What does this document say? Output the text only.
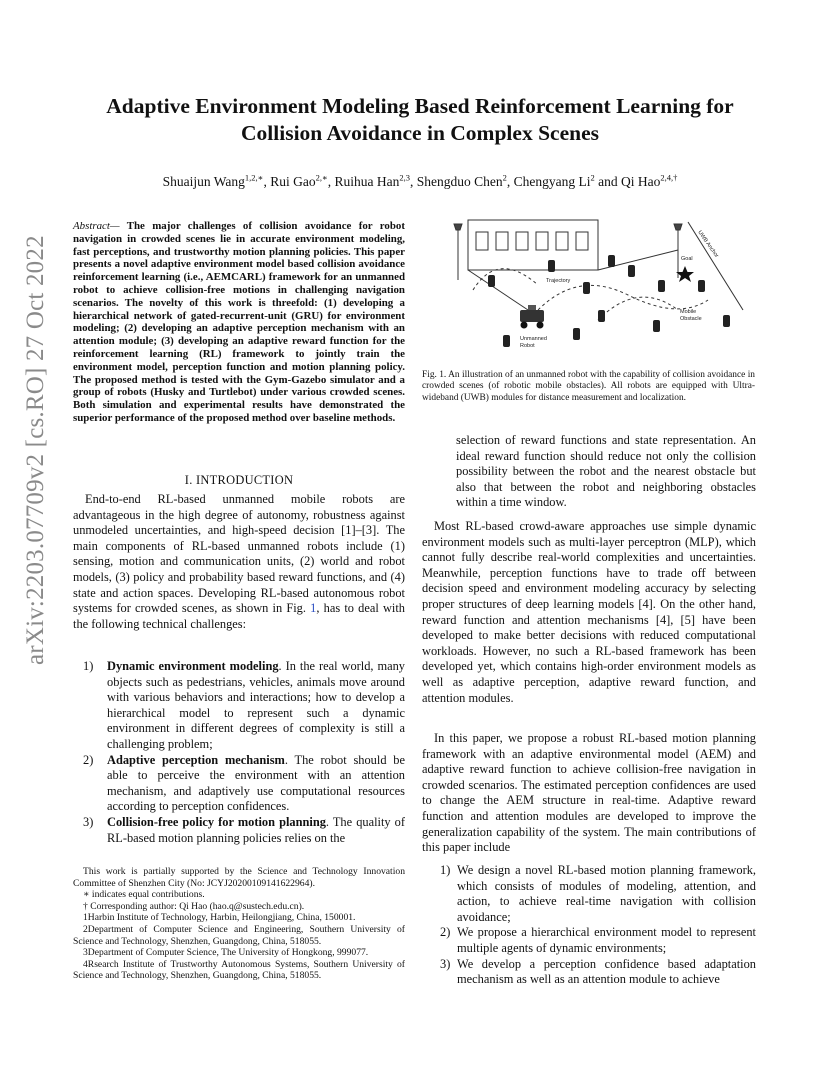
arXiv:2203.07709v2 [cs.RO] 27 Oct 2022
Adaptive Environment Modeling Based Reinforcement Learning for
Collision Avoidance in Complex Scenes
Shuaijun Wang$^{1,2,∗}$, Rui Gao$^{2,∗}$, Ruihua Han$^{2,3}$, Shengduo Chen$^2$, Chengyang Li$^2$ and Qi Hao$^{2,4,\dagger}$
Abstract— The major challenges of collision avoidance for robot navigation in crowded scenes lie in accurate environment modeling, fast perceptions, and trustworthy motion planning policies. This paper presents a novel adaptive environment model based collision avoidance reinforcement learning (i.e., AEMCARL) framework for an unmanned robot to achieve collision-free motions in challenging navigation scenarios. The novelty of this work is threefold: (1) developing a hierarchical network of gated-recurrent-unit (GRU) for environment modeling; (2) developing an adaptive perception mechanism with an attention module; (3) developing an adaptive reward function for the reinforcement learning (RL) framework to jointly train the environment model, perception function and motion planning policy. The proposed method is tested with the Gym-Gazebo simulator and a group of robots (Husky and Turtlebot) under various crowded scenes. Both simulation and experimental results have demonstrated the superior performance of the proposed method over baseline methods.
I. INTRODUCTION
End-to-end RL-based unmanned mobile robots are advantageous in the high degree of autonomy, robustness against unmodeled uncertainties, and high-speed decision [1]–[3]. The main components of RL-based unmanned robots include (1) sensing, motion and communication units, (2) world and robot models, (3) policy and probability based reward functions, and (4) state and action spaces. Developing RL-based autonomous robot systems for crowded scenes, as shown in Fig. 1, has to deal with the following technical challenges:
1) Dynamic environment modeling. In the real world, many objects such as pedestrians, vehicles, animals move around with various behaviors and interactions; how to develop a hierarchical model to represent such a dynamic environment in different degrees of complexity is still a challenging problem;
2) Adaptive perception mechanism. The robot should be able to perceive the environment with an attention mechanism, and adaptively use computational resources according to perception confidences.
3) Collision-free policy for motion planning. The quality of RL-based motion planning policies relies on the

This work is partially supported by the Science and Technology Innovation Committee of Shenzhen City (No: JCYJ20200109141622964).

∗ indicates equal contributions.

† Corresponding author: Qi Hao (hao.q@sustech.edu.cn).

1Harbin Institute of Technology, Harbin, Heilongjiang, China, 150001.

2Department of Computer Science and Engineering, Southern University of Science and Technology, Shenzhen, Guangdong, China, 518055.

3Department of Computer Science, The University of Hongkong, 999077.

4Rsearch Institute of Trustworthy Autonomous Systems, Southern University of Science and Technology, Shenzhen, Guangdong, China, 518055.

Trajectory
Goal
Mobile
Obstacle
Unmanned
Robot
UWB Anchor
Fig. 1. An illustration of an unmanned robot with the capability of collision avoidance in crowded scenes (of robotic mobile obstacles). All robots are equipped with Ultra-wideband (UWB) modules for distance measurement and localization.
selection of reward functions and state representation. An ideal reward function should reduce not only the collision possibility between the robot and the nearest obstacle but also that between the robot and neighboring obstacles within a time window.
Most RL-based crowd-aware approaches use simple dynamic environment models such as multi-layer perceptron (MLP), which cannot fully describe real-world complexities and uncertainties. Meanwhile, perception functions have to trade off between decision speed and environment modeling accuracy by selecting proper structures of deep learning models [4]. On the other hand, reward function and attention mechanisms [4], [5] have been developed to make better decisions with reduced computational workloads. However, no such a RL-based framework has been developed yet, which contains high-order environment models as well as adaptive perception, adaptive reward function, and attention modules.
In this paper, we propose a robust RL-based motion planning framework with an adaptive environmental model (AEM) and adaptive reward function to achieve collision-free navigation in crowded scenarios. The estimated perception confidences are used to change the AEM structure in real-time. Adaptive reward function and attention modules are developed to improve the generalization capability of the system. The main contributions of this paper include
1) We design a novel RL-based motion planning framework, which consists of modules of modeling, attention, and action, to achieve real-time navigation with collision avoidance;
2) We propose a hierarchical environment model to represent multiple agents of dynamic environments;
3) We develop a perception confidence based adaptation mechanism as well as an attention module to achieve
